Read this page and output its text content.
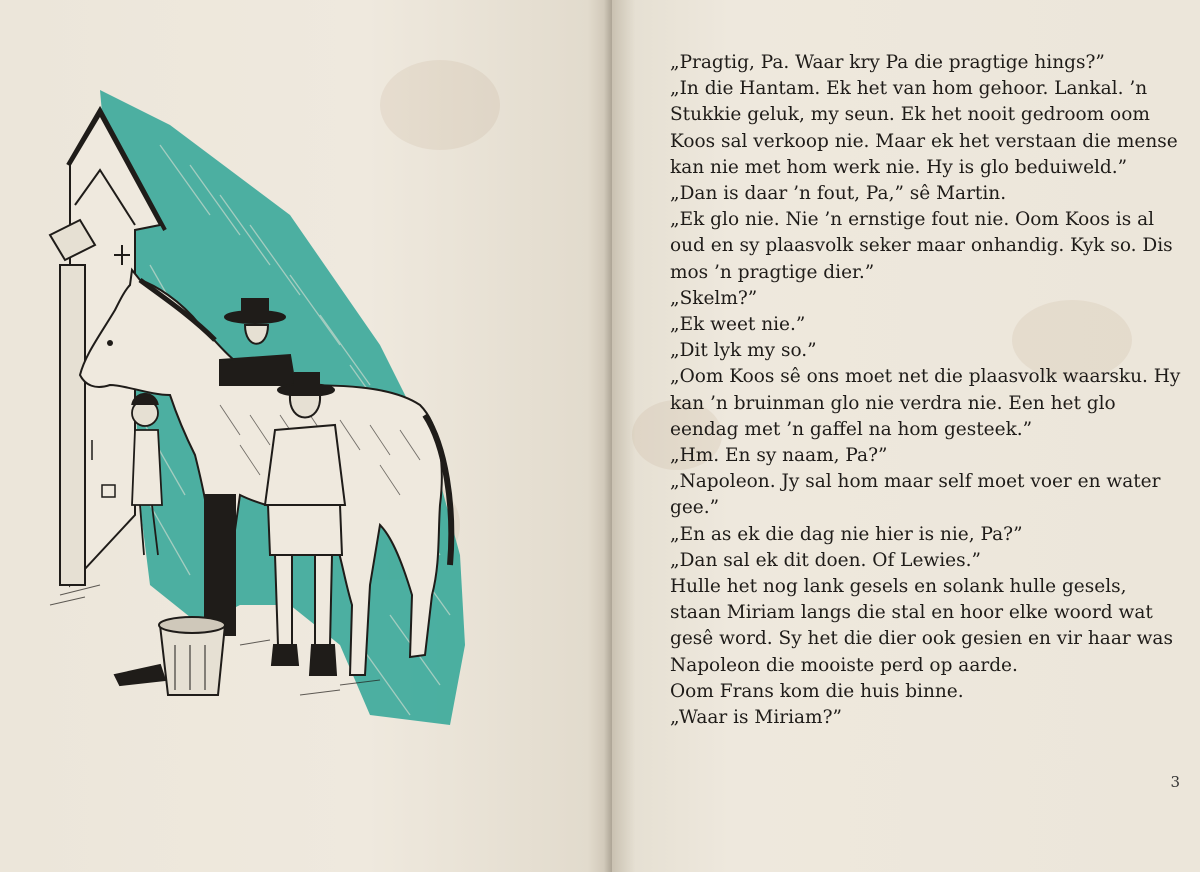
„Pragtig, Pa. Waar kry Pa die pragtige hings?”

„In die Hantam. Ek het van hom gehoor. Lankal. ’n Stukkie geluk, my seun. Ek het nooit gedroom oom Koos sal verkoop nie. Maar ek het verstaan die mense kan nie met hom werk nie. Hy is glo beduiweld.”

„Dan is daar ’n fout, Pa,” sê Martin.

„Ek glo nie. Nie ’n ernstige fout nie. Oom Koos is al oud en sy plaasvolk seker maar onhandig. Kyk so. Dis mos ’n pragtige dier.”

„Skelm?”

„Ek weet nie.”

„Dit lyk my so.”

„Oom Koos sê ons moet net die plaasvolk waarsku. Hy kan ’n bruinman glo nie verdra nie. Een het glo eendag met ’n gaffel na hom gesteek.”

„Hm. En sy naam, Pa?”

„Napoleon. Jy sal hom maar self moet voer en water gee.”

„En as ek die dag nie hier is nie, Pa?”

„Dan sal ek dit doen. Of Lewies.”

Hulle het nog lank gesels en solank hulle gesels, staan Miriam langs die stal en hoor elke woord wat gesê word. Sy het die dier ook gesien en vir haar was Napoleon die mooiste perd op aarde.

Oom Frans kom die huis binne.

„Waar is Miriam?”

3
